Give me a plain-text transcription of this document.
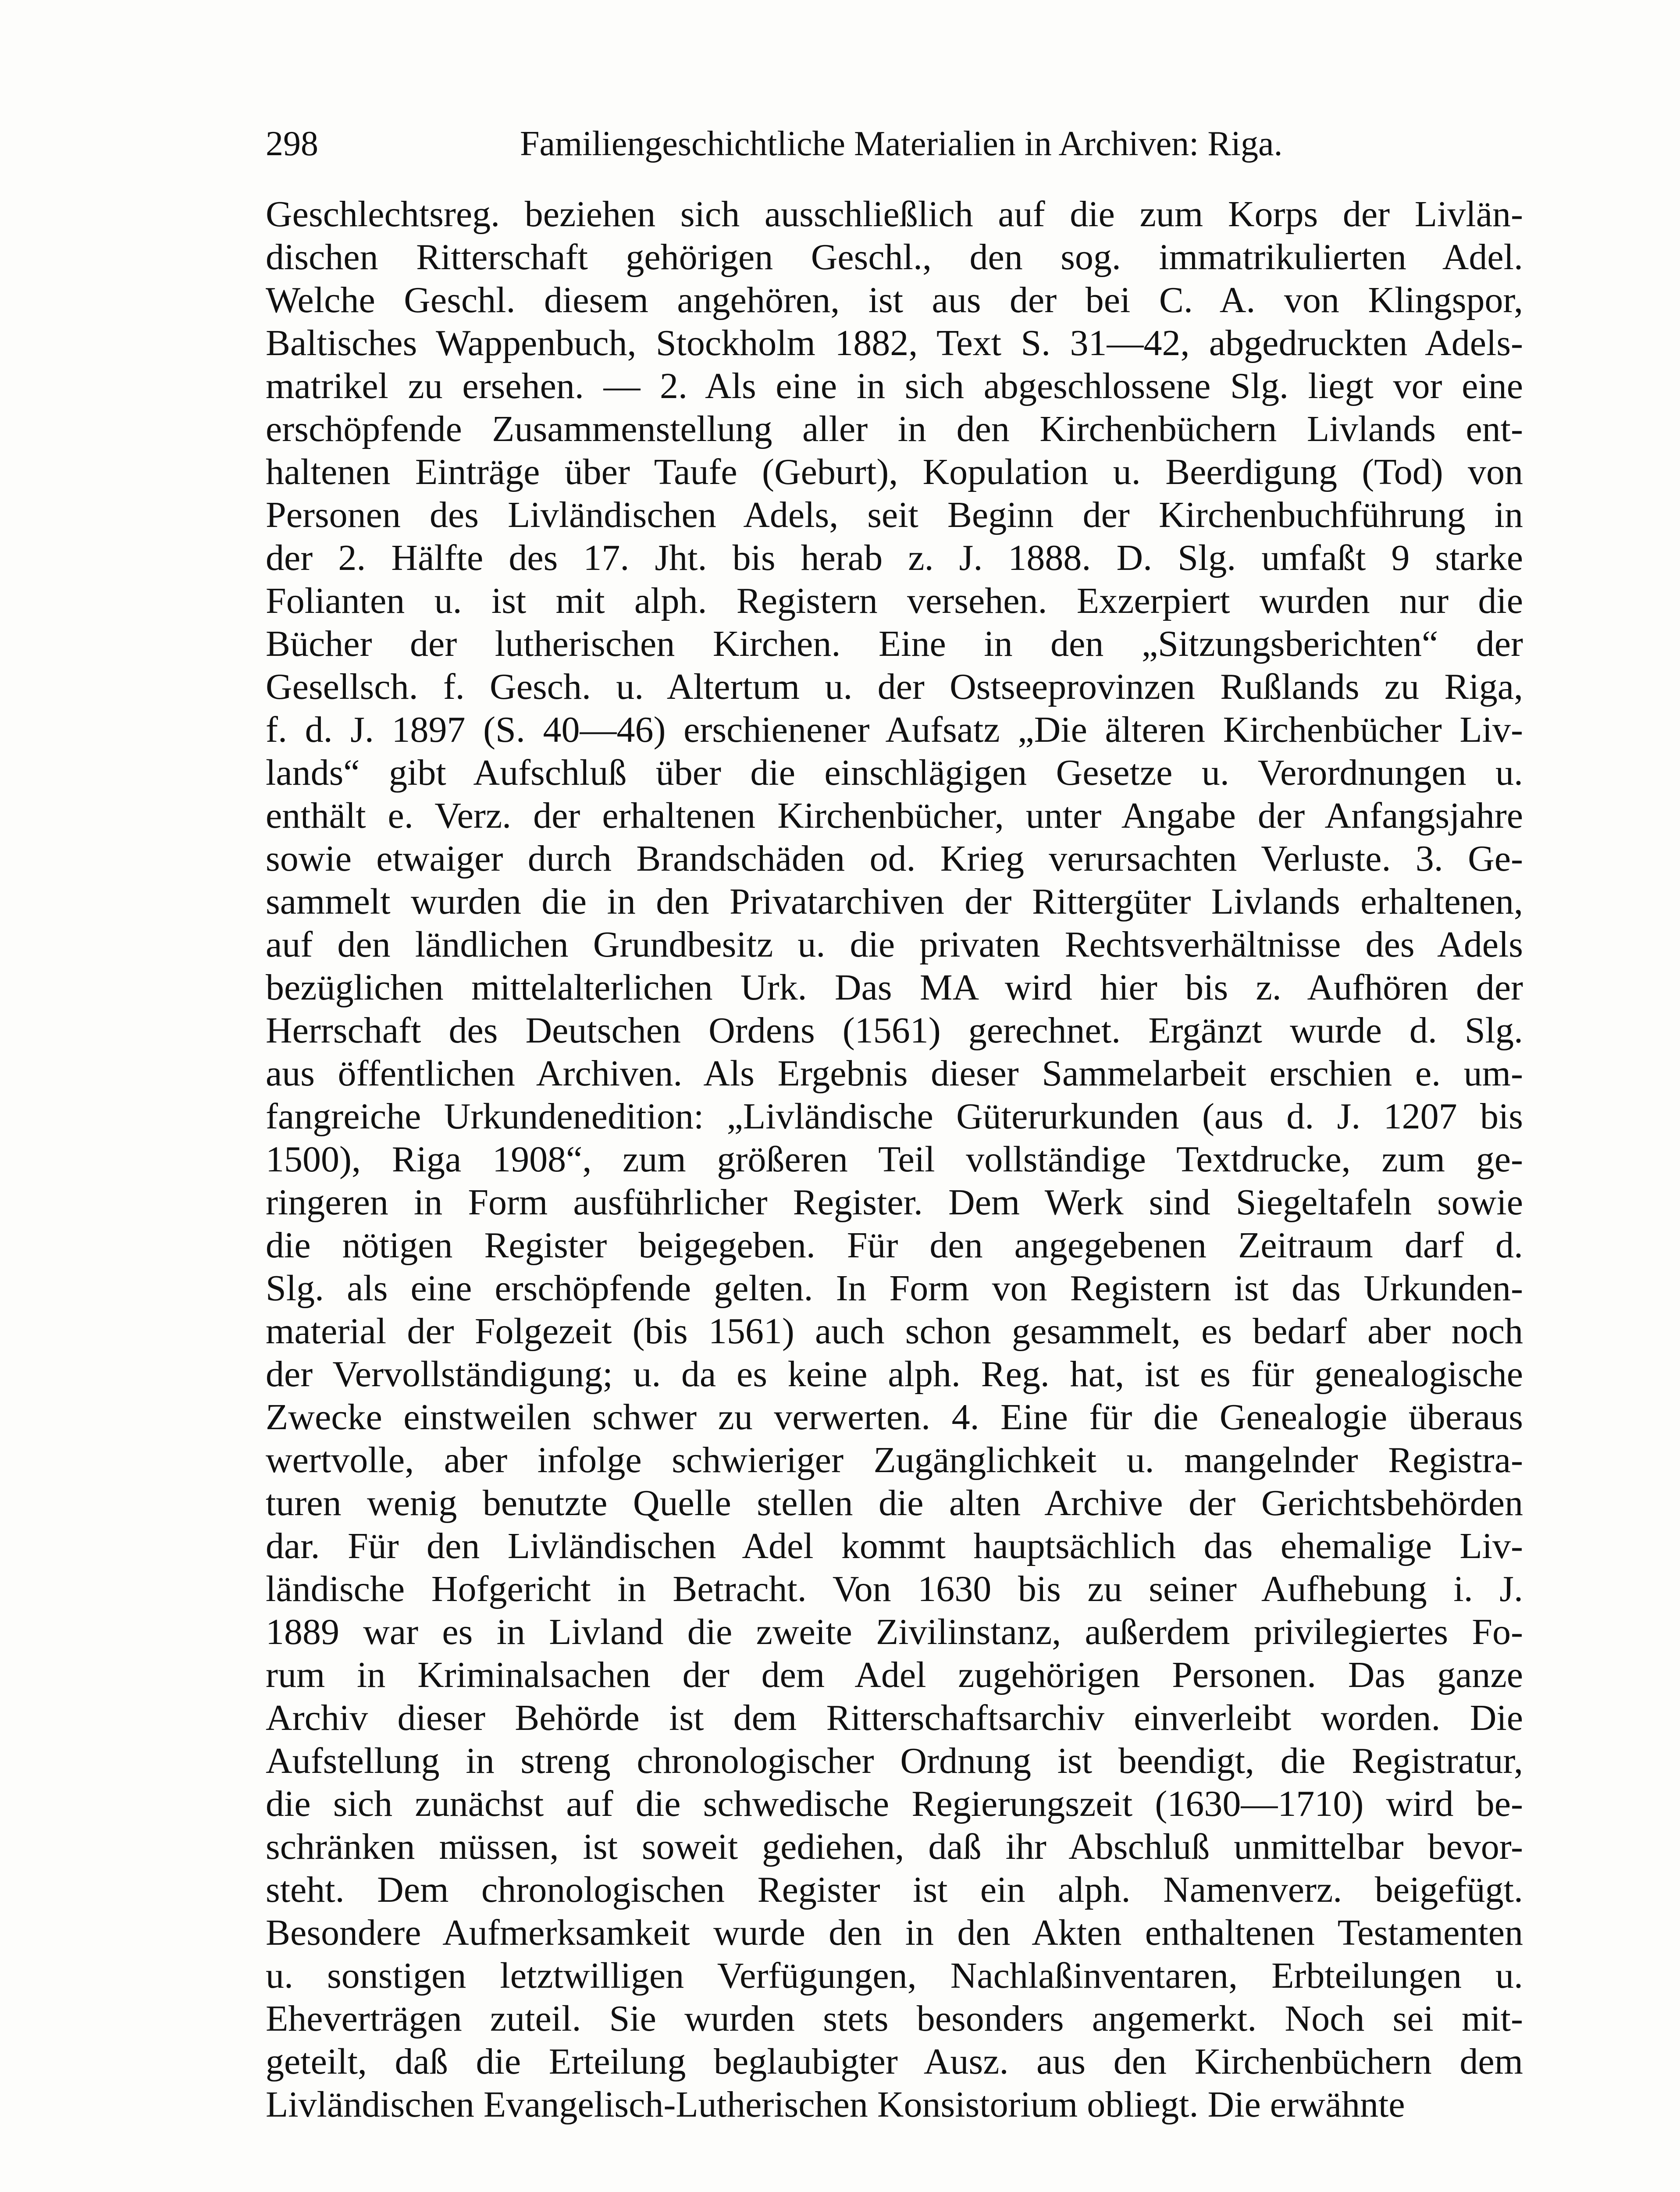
298	Familiengeschichtliche Materialien in Archiven: Riga.
Geschlechtsreg. beziehen sich ausschließlich auf die zum Korps der Livlän-
dischen Ritterschaft gehörigen Geschl., den sog. immatrikulierten Adel.
Welche Geschl. diesem angehören, ist aus der bei C. A. von Klingspor,
Baltisches Wappenbuch, Stockholm 1882, Text S. 31—42, abgedruckten Adels-
matrikel zu ersehen. — 2. Als eine in sich abgeschlossene Slg. liegt vor eine
erschöpfende Zusammenstellung aller in den Kirchenbüchern Livlands ent-
haltenen Einträge über Taufe (Geburt), Kopulation u. Beerdigung (Tod) von
Personen des Livländischen Adels, seit Beginn der Kirchenbuchführung in
der 2. Hälfte des 17. Jht. bis herab z. J. 1888. D. Slg. umfaßt 9 starke
Folianten u. ist mit alph. Registern versehen. Exzerpiert wurden nur die
Bücher der lutherischen Kirchen. Eine in den „Sitzungsberichten“ der
Gesellsch. f. Gesch. u. Altertum u. der Ostseeprovinzen Rußlands zu Riga,
f. d. J. 1897 (S. 40—46) erschienener Aufsatz „Die älteren Kirchenbücher Liv-
lands“ gibt Aufschluß über die einschlägigen Gesetze u. Verordnungen u.
enthält e. Verz. der erhaltenen Kirchenbücher, unter Angabe der Anfangsjahre
sowie etwaiger durch Brandschäden od. Krieg verursachten Verluste. 3. Ge-
sammelt wurden die in den Privatarchiven der Rittergüter Livlands erhaltenen,
auf den ländlichen Grundbesitz u. die privaten Rechtsverhältnisse des Adels
bezüglichen mittelalterlichen Urk. Das MA wird hier bis z. Aufhören der
Herrschaft des Deutschen Ordens (1561) gerechnet. Ergänzt wurde d. Slg.
aus öffentlichen Archiven. Als Ergebnis dieser Sammelarbeit erschien e. um-
fangreiche Urkundenedition: „Livländische Güterurkunden (aus d. J. 1207 bis
1500), Riga 1908“, zum größeren Teil vollständige Textdrucke, zum ge-
ringeren in Form ausführlicher Register. Dem Werk sind Siegeltafeln sowie
die nötigen Register beigegeben. Für den angegebenen Zeitraum darf d.
Slg. als eine erschöpfende gelten. In Form von Registern ist das Urkunden-
material der Folgezeit (bis 1561) auch schon gesammelt, es bedarf aber noch
der Vervollständigung; u. da es keine alph. Reg. hat, ist es für genealogische
Zwecke einstweilen schwer zu verwerten. 4. Eine für die Genealogie überaus
wertvolle, aber infolge schwieriger Zugänglichkeit u. mangelnder Registra-
turen wenig benutzte Quelle stellen die alten Archive der Gerichtsbehörden
dar. Für den Livländischen Adel kommt hauptsächlich das ehemalige Liv-
ländische Hofgericht in Betracht. Von 1630 bis zu seiner Aufhebung i. J.
1889 war es in Livland die zweite Zivilinstanz, außerdem privilegiertes Fo-
rum in Kriminalsachen der dem Adel zugehörigen Personen. Das ganze
Archiv dieser Behörde ist dem Ritterschaftsarchiv einverleibt worden. Die
Aufstellung in streng chronologischer Ordnung ist beendigt, die Registratur,
die sich zunächst auf die schwedische Regierungszeit (1630—1710) wird be-
schränken müssen, ist soweit gediehen, daß ihr Abschluß unmittelbar bevor-
steht. Dem chronologischen Register ist ein alph. Namenverz. beigefügt.
Besondere Aufmerksamkeit wurde den in den Akten enthaltenen Testamenten
u. sonstigen letztwilligen Verfügungen, Nachlaßinventaren, Erbteilungen u.
Eheverträgen zuteil. Sie wurden stets besonders angemerkt. Noch sei mit-
geteilt, daß die Erteilung beglaubigter Ausz. aus den Kirchenbüchern dem
Livländischen Evangelisch-Lutherischen Konsistorium obliegt. Die erwähnte
